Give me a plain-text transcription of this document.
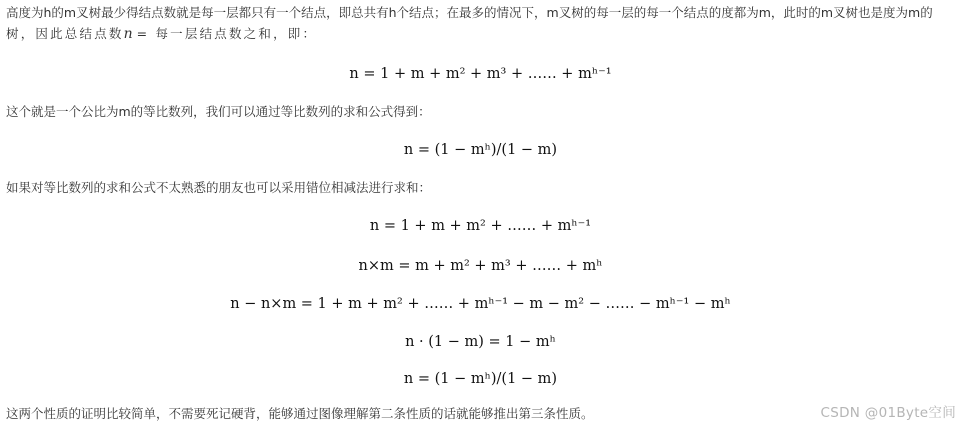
高度为h的m叉树最少得结点数就是每一层都只有一个结点，即总共有h个结点；在最多的情况下，m叉树的每一层的每一个结点的度都为m，此时的m叉树也是度为m的
树，因此总结点数n = 每一层结点数之和，即：
n = 1 + m + m² + m³ + …… + mʰ⁻¹
这个就是一个公比为m的等比数列，我们可以通过等比数列的求和公式得到：
n = (1 − mʰ)/(1 − m)
如果对等比数列的求和公式不太熟悉的朋友也可以采用错位相减法进行求和：
n = 1 + m + m² + …… + mʰ⁻¹
n×m = m + m² + m³ + …… + mʰ
n − n×m = 1 + m + m² + …… + mʰ⁻¹ − m − m² − …… − mʰ⁻¹ − mʰ
n · (1 − m) = 1 − mʰ
n = (1 − mʰ)/(1 − m)
这两个性质的证明比较简单，不需要死记硬背，能够通过图像理解第二条性质的话就能够推出第三条性质。	CSDN @01Byte空间
